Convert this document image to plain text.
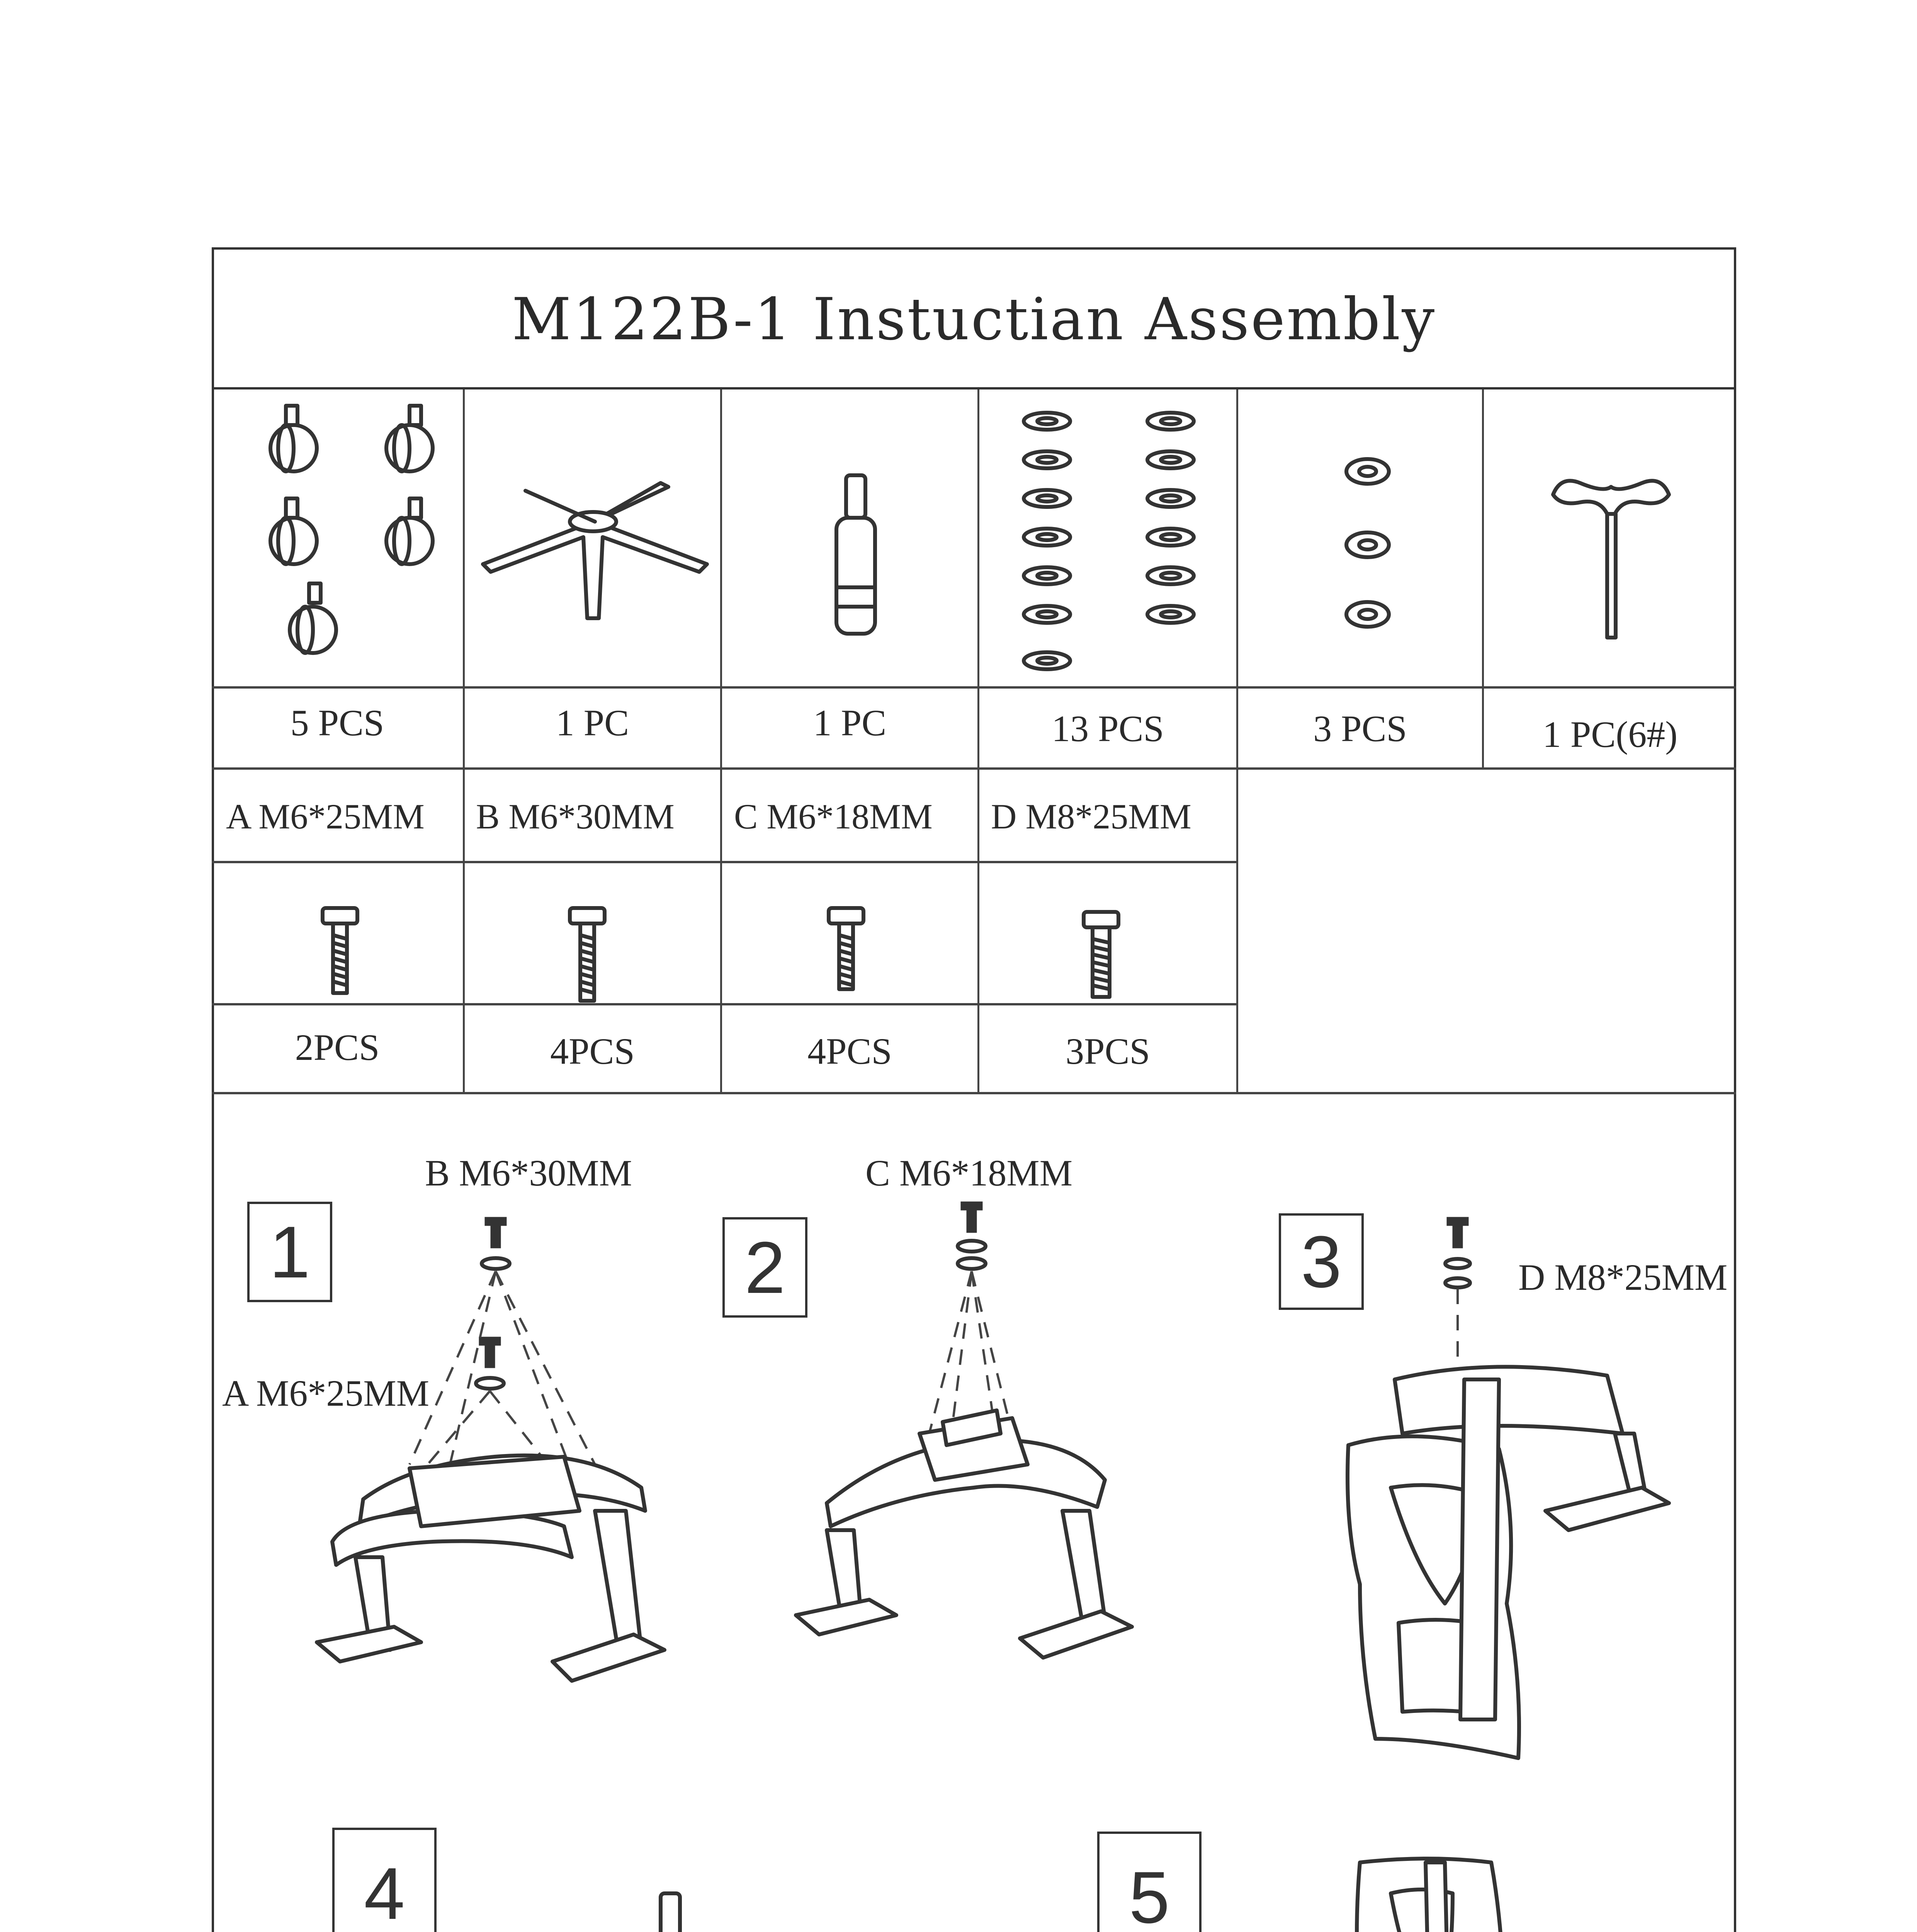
M122B-1 Instuctian Assembly
5 PCS	1 PC	1 PC	13 PCS	3 PCS	1 PC(6#)
A M6*25MM B M6*30MM C M6*18MM D M8*25MM
2PCS	4PCS	4PCS	3PCS
1
B M6*30MM
A M6*25MM
2
C M6*18MM
3	D M8*25MM
4	5
